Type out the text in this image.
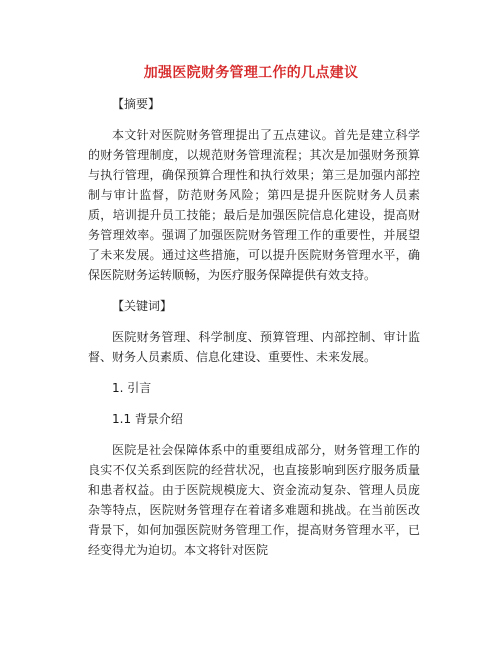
加强医院财务管理工作的几点建议

【摘要】

本文针对医院财务管理提出了五点建议。首先是建立科学的财务管理制度，以规范财务管理流程；其次是加强财务预算与执行管理，确保预算合理性和执行效果；第三是加强内部控制与审计监督，防范财务风险；第四是提升医院财务人员素质，培训提升员工技能；最后是加强医院信息化建设，提高财务管理效率。强调了加强医院财务管理工作的重要性，并展望了未来发展。通过这些措施，可以提升医院财务管理水平，确保医院财务运转顺畅，为医疗服务保障提供有效支持。

【关键词】

医院财务管理、科学制度、预算管理、内部控制、审计监督、财务人员素质、信息化建设、重要性、未来发展。

1. 引言

1.1 背景介绍

医院是社会保障体系中的重要组成部分，财务管理工作的良实不仅关系到医院的经营状况，也直接影响到医疗服务质量和患者权益。由于医院规模庞大、资金流动复杂、管理人员庞杂等特点，医院财务管理存在着诸多难题和挑战。在当前医改背景下，如何加强医院财务管理工作，提高财务管理水平，已经变得尤为迫切。本文将针对医院
